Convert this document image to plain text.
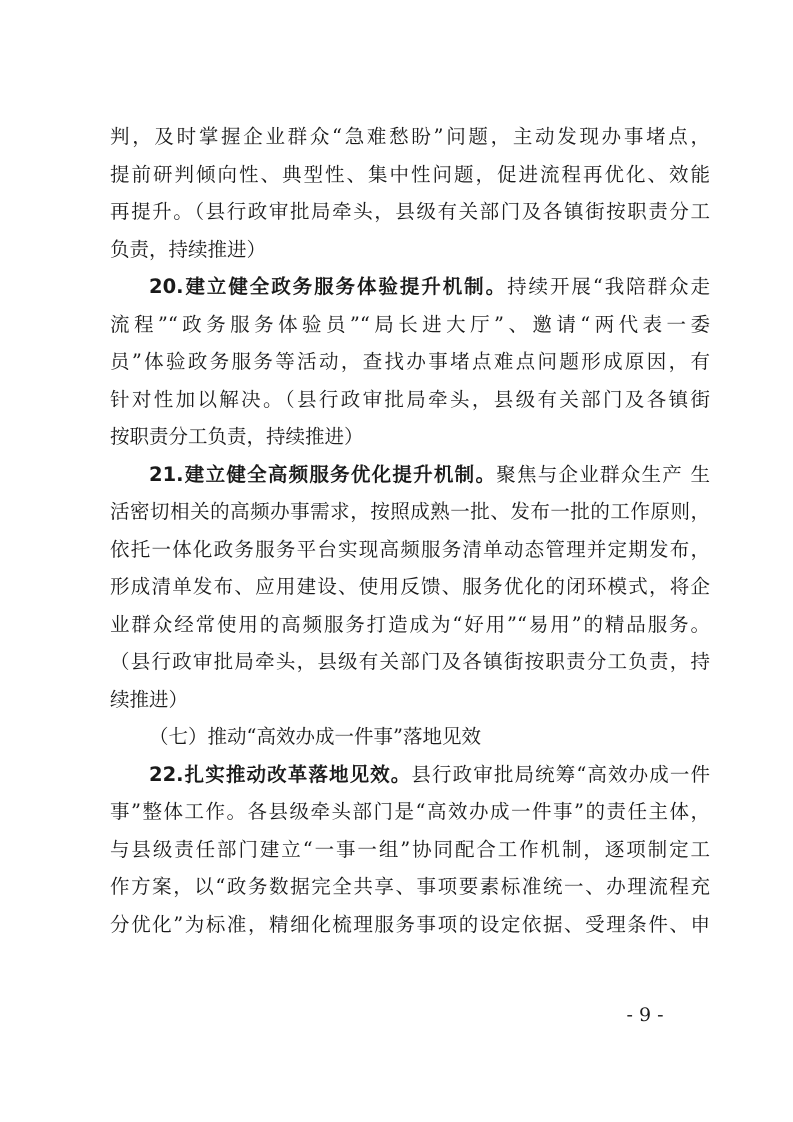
判，及时掌握企业群众“急难愁盼”问题，主动发现办事堵点，
提前研判倾向性、典型性、集中性问题，促进流程再优化、效能
再提升。（县行政审批局牵头，县级有关部门及各镇街按职责分工
负责，持续推进）
20.建立健全政务服务体验提升机制。持续开展“我陪群众走
流程”“政务服务体验员”“局长进大厅”、邀请“两代表一委
员”体验政务服务等活动，查找办事堵点难点问题形成原因，有
针对性加以解决。（县行政审批局牵头，县级有关部门及各镇街
按职责分工负责，持续推进）
21.建立健全高频服务优化提升机制。聚焦与企业群众生产 生
活密切相关的高频办事需求，按照成熟一批、发布一批的工作原则，
依托一体化政务服务平台实现高频服务清单动态管理并定期发布，
形成清单发布、应用建设、使用反馈、服务优化的闭环模式，将企
业群众经常使用的高频服务打造成为“好用”“易用”的精品服务。
（县行政审批局牵头，县级有关部门及各镇街按职责分工负责，持
续推进）
（七）推动“高效办成一件事”落地见效
22.扎实推动改革落地见效。县行政审批局统筹“高效办成一件
事”整体工作。各县级牵头部门是“高效办成一件事”的责任主体，
与县级责任部门建立“一事一组”协同配合工作机制，逐项制定工
作方案，以“政务数据完全共享、事项要素标准统一、办理流程充
分优化”为标准，精细化梳理服务事项的设定依据、受理条件、申
- 9 -
